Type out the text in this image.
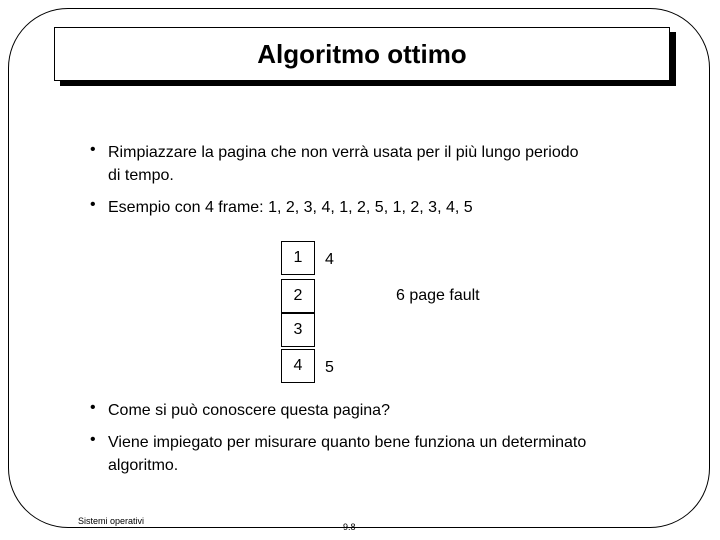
Algoritmo ottimo
• Rimpiazzare la pagina che non verrà usata per il più lungo periodo di tempo.
• Esempio con 4 frame: 1, 2, 3, 4, 1, 2, 5, 1, 2, 3, 4, 5
1
2
3
4
4
5
6 page fault
• Come si può conoscere questa pagina?
• Viene impiegato per misurare quanto bene funziona un determinato algoritmo.
Sistemi operativi
9.8
